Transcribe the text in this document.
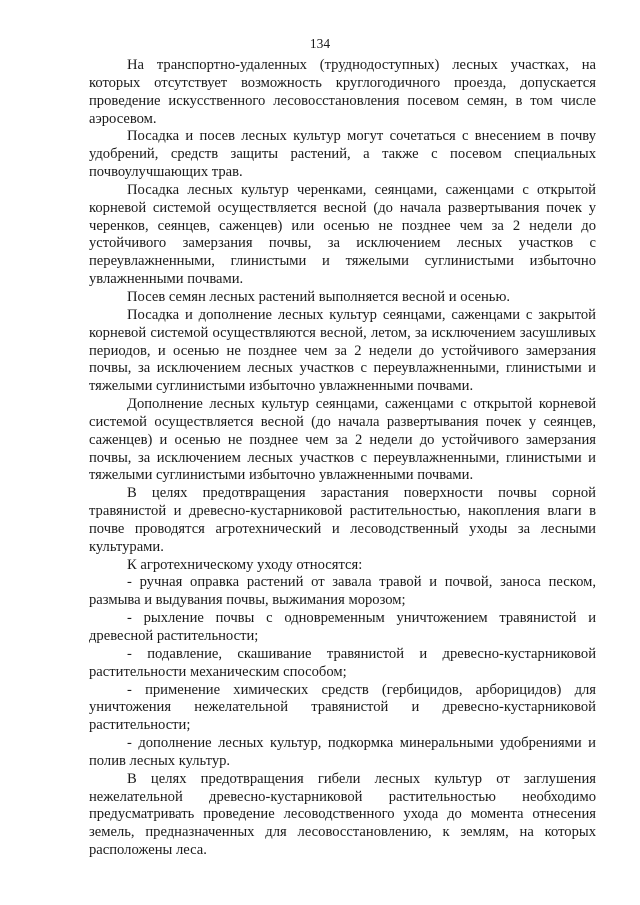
134

На транспортно-удаленных (труднодоступных) лесных участках, на которых отсутствует возможность круглогодичного проезда, допускается проведение искусственного лесовосстановления посевом семян, в том числе аэросевом.

Посадка и посев лесных культур могут сочетаться с внесением в почву удобрений, средств защиты растений, а также с посевом специальных почвоулучшающих трав.

Посадка лесных культур черенками, сеянцами, саженцами с открытой корневой системой осуществляется весной (до начала развертывания почек у черенков, сеянцев, саженцев) или осенью не позднее чем за 2 недели до устойчивого замерзания почвы, за исключением лесных участков с переувлажненными, глинистыми и тяжелыми суглинистыми избыточно увлажненными почвами.

Посев семян лесных растений выполняется весной и осенью.

Посадка и дополнение лесных культур сеянцами, саженцами с закрытой корневой системой осуществляются весной, летом, за исключением засушливых периодов, и осенью не позднее чем за 2 недели до устойчивого замерзания почвы, за исключением лесных участков с переувлажненными, глинистыми и тяжелыми суглинистыми избыточно увлажненными почвами.

Дополнение лесных культур сеянцами, саженцами с открытой корневой системой осуществляется весной (до начала развертывания почек у сеянцев, саженцев) и осенью не позднее чем за 2 недели до устойчивого замерзания почвы, за исключением лесных участков с переувлажненными, глинистыми и тяжелыми суглинистыми избыточно увлажненными почвами.

В целях предотвращения зарастания поверхности почвы сорной травянистой и древесно-кустарниковой растительностью, накопления влаги в почве проводятся агротехнический и лесоводственный уходы за лесными культурами.

К агротехническому уходу относятся:

- ручная оправка растений от завала травой и почвой, заноса песком, размыва и выдувания почвы, выжимания морозом;

- рыхление почвы с одновременным уничтожением травянистой и древесной растительности;

- подавление, скашивание травянистой и древесно-кустарниковой растительности механическим способом;

- применение химических средств (гербицидов, арборицидов) для уничтожения нежелательной травянистой и древесно-кустарниковой растительности;

- дополнение лесных культур, подкормка минеральными удобрениями и полив лесных культур.

В целях предотвращения гибели лесных культур от заглушения нежелательной древесно-кустарниковой растительностью необходимо предусматривать проведение лесоводственного ухода до момента отнесения земель, предназначенных для лесовосстановлению, к землям, на которых расположены леса.
